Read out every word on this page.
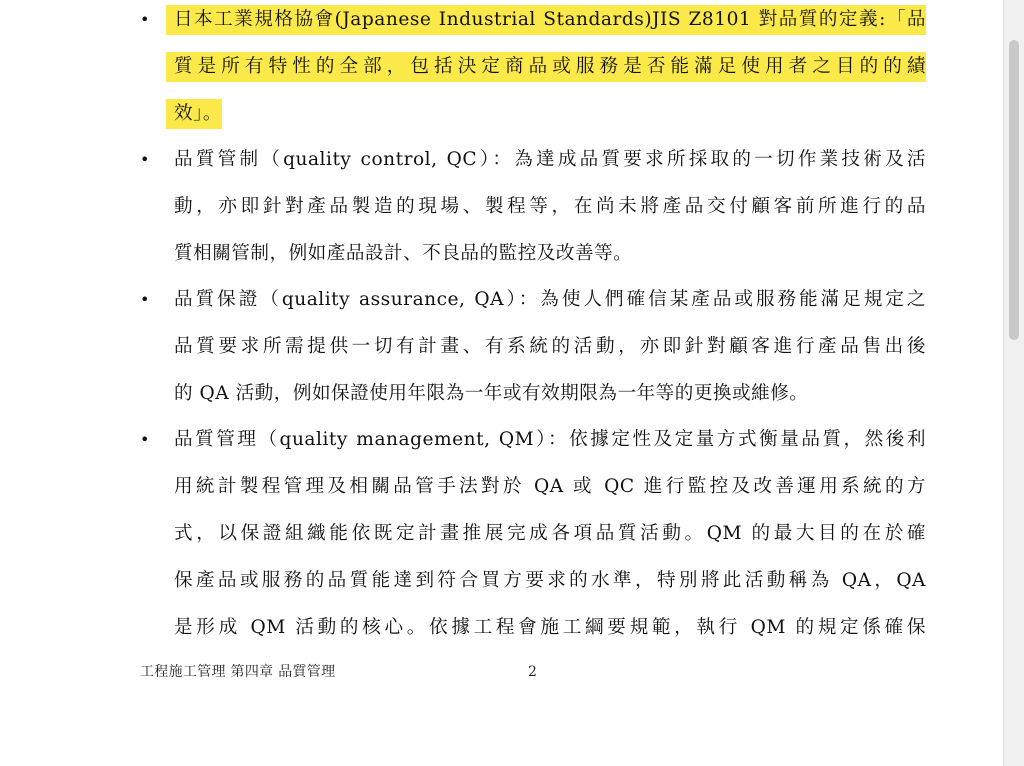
• 日本工業規格協會(Japanese Industrial Standards)JIS Z8101 對品質的定義:「品
質是所有特性的全部，包括決定商品或服務是否能滿足使用者之目的的績
效」。
• 品質管制（quality control, QC）：為達成品質要求所採取的一切作業技術及活
動，亦即針對產品製造的現場、製程等，在尚未將產品交付顧客前所進行的品
質相關管制，例如產品設計、不良品的監控及改善等。
• 品質保證（quality assurance, QA）：為使人們確信某產品或服務能滿足規定之
品質要求所需提供一切有計畫、有系統的活動，亦即針對顧客進行產品售出後
的 QA 活動，例如保證使用年限為一年或有效期限為一年等的更換或維修。
• 品質管理（quality management, QM）：依據定性及定量方式衡量品質，然後利
用統計製程管理及相關品管手法對於 QA 或 QC 進行監控及改善運用系統的方
式，以保證組織能依既定計畫推展完成各項品質活動。QM 的最大目的在於確
保產品或服務的品質能達到符合買方要求的水準，特別將此活動稱為 QA，QA
是形成 QM 活動的核心。依據工程會施工綱要規範，執行 QM 的規定係確保
工程施工管理 第四章 品質管理	2
